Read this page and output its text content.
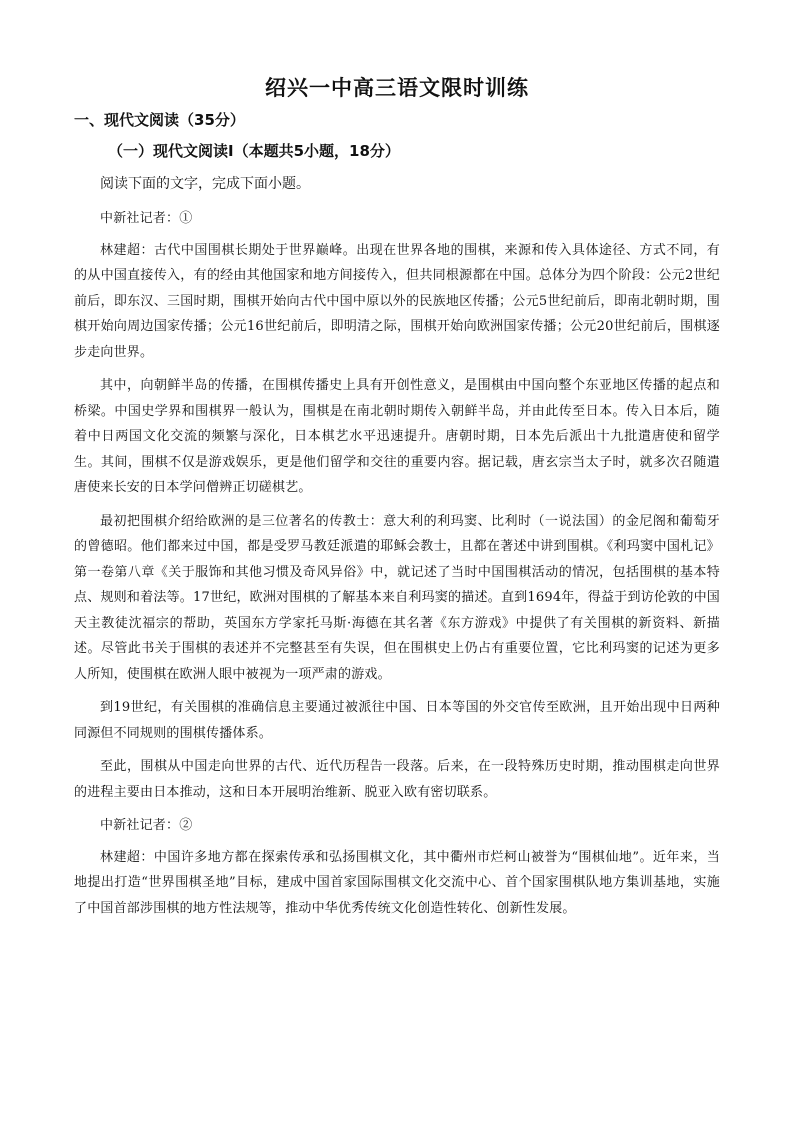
绍兴一中高三语文限时训练
一、现代文阅读（35分）
（一）现代文阅读Ⅰ（本题共5小题，18分）
阅读下面的文字，完成下面小题。

中新社记者：①

林建超：古代中国围棋长期处于世界巅峰。出现在世界各地的围棋，来源和传入具体途径、方式不同，有的从中国直接传入，有的经由其他国家和地方间接传入，但共同根源都在中国。总体分为四个阶段：公元2世纪前后，即东汉、三国时期，围棋开始向古代中国中原以外的民族地区传播；公元5世纪前后，即南北朝时期，围棋开始向周边国家传播；公元16世纪前后，即明清之际，围棋开始向欧洲国家传播；公元20世纪前后，围棋逐步走向世界。

其中，向朝鲜半岛的传播，在围棋传播史上具有开创性意义，是围棋由中国向整个东亚地区传播的起点和桥梁。中国史学界和围棋界一般认为，围棋是在南北朝时期传入朝鲜半岛，并由此传至日本。传入日本后，随着中日两国文化交流的频繁与深化，日本棋艺水平迅速提升。唐朝时期，日本先后派出十九批遣唐使和留学生。其间，围棋不仅是游戏娱乐，更是他们留学和交往的重要内容。据记载，唐玄宗当太子时，就多次召随遣唐使来长安的日本学问僧辨正切磋棋艺。

最初把围棋介绍给欧洲的是三位著名的传教士：意大利的利玛窦、比利时（一说法国）的金尼阁和葡萄牙的曾德昭。他们都来过中国，都是受罗马教廷派遣的耶稣会教士，且都在著述中讲到围棋。《利玛窦中国札记》第一卷第八章《关于服饰和其他习惯及奇风异俗》中，就记述了当时中国围棋活动的情况，包括围棋的基本特点、规则和着法等。17世纪，欧洲对围棋的了解基本来自利玛窦的描述。直到1694年，得益于到访伦敦的中国天主教徒沈福宗的帮助，英国东方学家托马斯·海德在其名著《东方游戏》中提供了有关围棋的新资料、新描述。尽管此书关于围棋的表述并不完整甚至有失误，但在围棋史上仍占有重要位置，它比利玛窦的记述为更多人所知，使围棋在欧洲人眼中被视为一项严肃的游戏。

到19世纪，有关围棋的准确信息主要通过被派往中国、日本等国的外交官传至欧洲，且开始出现中日两种同源但不同规则的围棋传播体系。

至此，围棋从中国走向世界的古代、近代历程告一段落。后来，在一段特殊历史时期，推动围棋走向世界的进程主要由日本推动，这和日本开展明治维新、脱亚入欧有密切联系。

中新社记者：②

林建超：中国许多地方都在探索传承和弘扬围棋文化，其中衢州市烂柯山被誉为“围棋仙地”。近年来，当地提出打造“世界围棋圣地”目标，建成中国首家国际围棋文化交流中心、首个国家围棋队地方集训基地，实施了中国首部涉围棋的地方性法规等，推动中华优秀传统文化创造性转化、创新性发展。
